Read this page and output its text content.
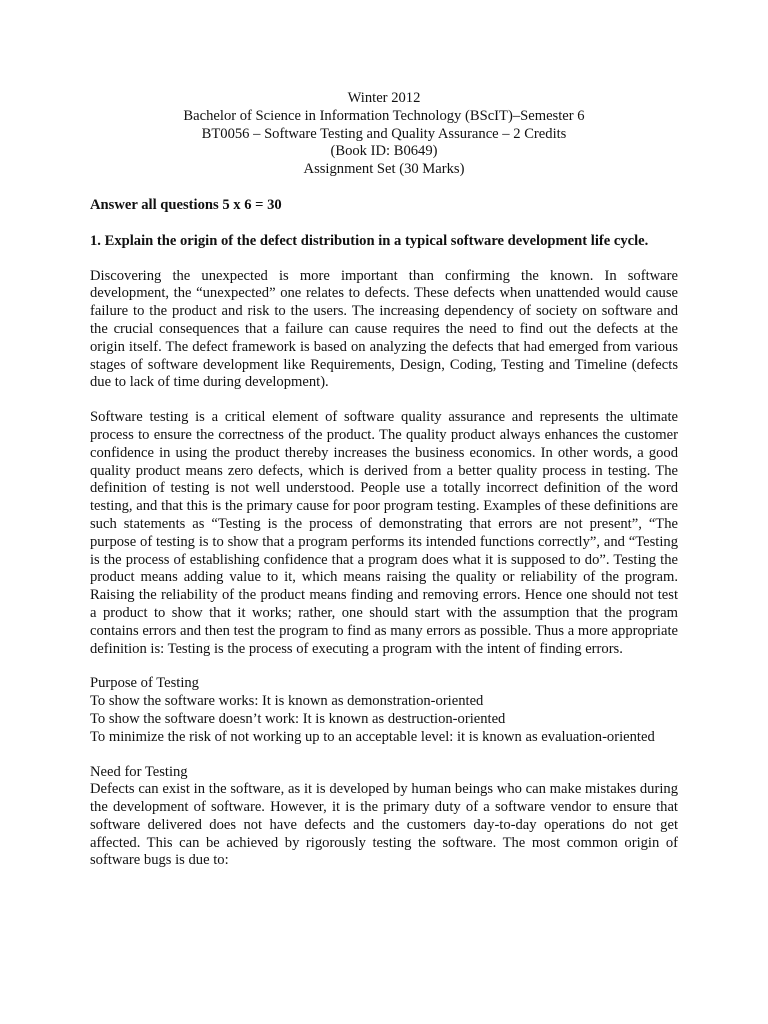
Winter 2012
Bachelor of Science in Information Technology (BScIT)–Semester 6
BT0056 – Software Testing and Quality Assurance – 2 Credits
(Book ID: B0649)
Assignment Set (30 Marks)
Answer all questions 5 x 6 = 30
1. Explain the origin of the defect distribution in a typical software development life cycle.

Discovering the unexpected is more important than confirming the known. In software development, the “unexpected” one relates to defects. These defects when unattended would cause failure to the product and risk to the users. The increasing dependency of society on software and the crucial consequences that a failure can cause requires the need to find out the defects at the origin itself. The defect framework is based on analyzing the defects that had emerged from various stages of software development like Requirements, Design, Coding, Testing and Timeline (defects due to lack of time during development).

Software testing is a critical element of software quality assurance and represents the ultimate process to ensure the correctness of the product. The quality product always enhances the customer confidence in using the product thereby increases the business economics. In other words, a good quality product means zero defects, which is derived from a better quality process in testing. The definition of testing is not well understood. People use a totally incorrect definition of the word testing, and that this is the primary cause for poor program testing. Examples of these definitions are such statements as “Testing is the process of demonstrating that errors are not present”, “The purpose of testing is to show that a program performs its intended functions correctly”, and “Testing is the process of establishing confidence that a program does what it is supposed to do”. Testing the product means adding value to it, which means raising the quality or reliability of the program. Raising the reliability of the product means finding and removing errors. Hence one should not test a product to show that it works; rather, one should start with the assumption that the program contains errors and then test the program to find as many errors as possible. Thus a more appropriate definition is: Testing is the process of executing a program with the intent of finding errors.

Purpose of Testing

To show the software works: It is known as demonstration-oriented

To show the software doesn’t work: It is known as destruction-oriented

To minimize the risk of not working up to an acceptable level: it is known as evaluation-oriented

Need for Testing

Defects can exist in the software, as it is developed by human beings who can make mistakes during the development of software. However, it is the primary duty of a software vendor to ensure that software delivered does not have defects and the customers day-to-day operations do not get affected. This can be achieved by rigorously testing the software. The most common origin of software bugs is due to:
